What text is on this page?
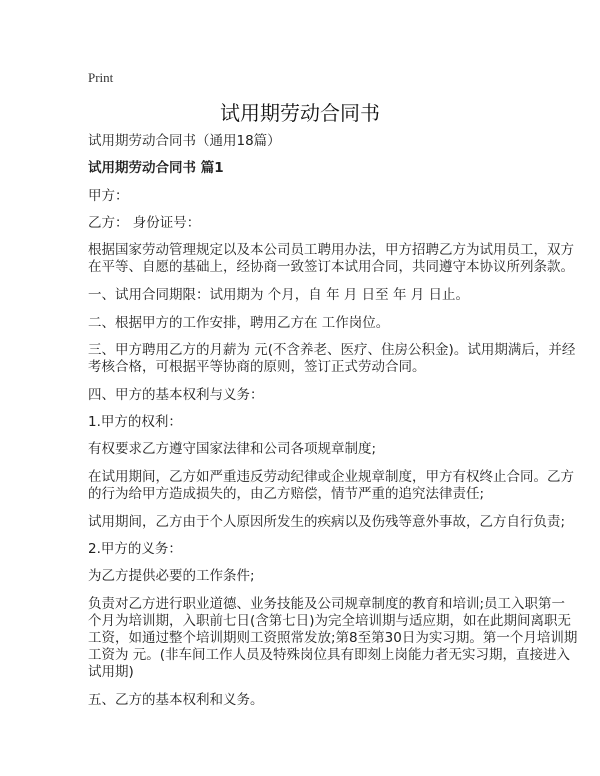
Print
试用期劳动合同书
试用期劳动合同书（通用18篇）
试用期劳动合同书 篇1
甲方：
乙方： 身份证号：
根据国家劳动管理规定以及本公司员工聘用办法，甲方招聘乙方为试用员工，双方
在平等、自愿的基础上，经协商一致签订本试用合同，共同遵守本协议所列条款。
一、试用合同期限：试用期为 个月，自 年 月 日至 年 月 日止。
二、根据甲方的工作安排，聘用乙方在 工作岗位。
三、甲方聘用乙方的月薪为 元(不含养老、医疗、住房公积金)。试用期满后，并经
考核合格，可根据平等协商的原则，签订正式劳动合同。
四、甲方的基本权利与义务：
1.甲方的权利：
有权要求乙方遵守国家法律和公司各项规章制度;
在试用期间，乙方如严重违反劳动纪律或企业规章制度，甲方有权终止合同。乙方
的行为给甲方造成损失的，由乙方赔偿，情节严重的追究法律责任;
试用期间，乙方由于个人原因所发生的疾病以及伤残等意外事故，乙方自行负责;
2.甲方的义务：
为乙方提供必要的工作条件;
负责对乙方进行职业道德、业务技能及公司规章制度的教育和培训;员工入职第一
个月为培训期，入职前七日(含第七日)为完全培训期与适应期，如在此期间离职无
工资，如通过整个培训期则工资照常发放;第8至第30日为实习期。第一个月培训期
工资为 元。(非车间工作人员及特殊岗位具有即刻上岗能力者无实习期，直接进入
试用期)
五、乙方的基本权利和义务。
